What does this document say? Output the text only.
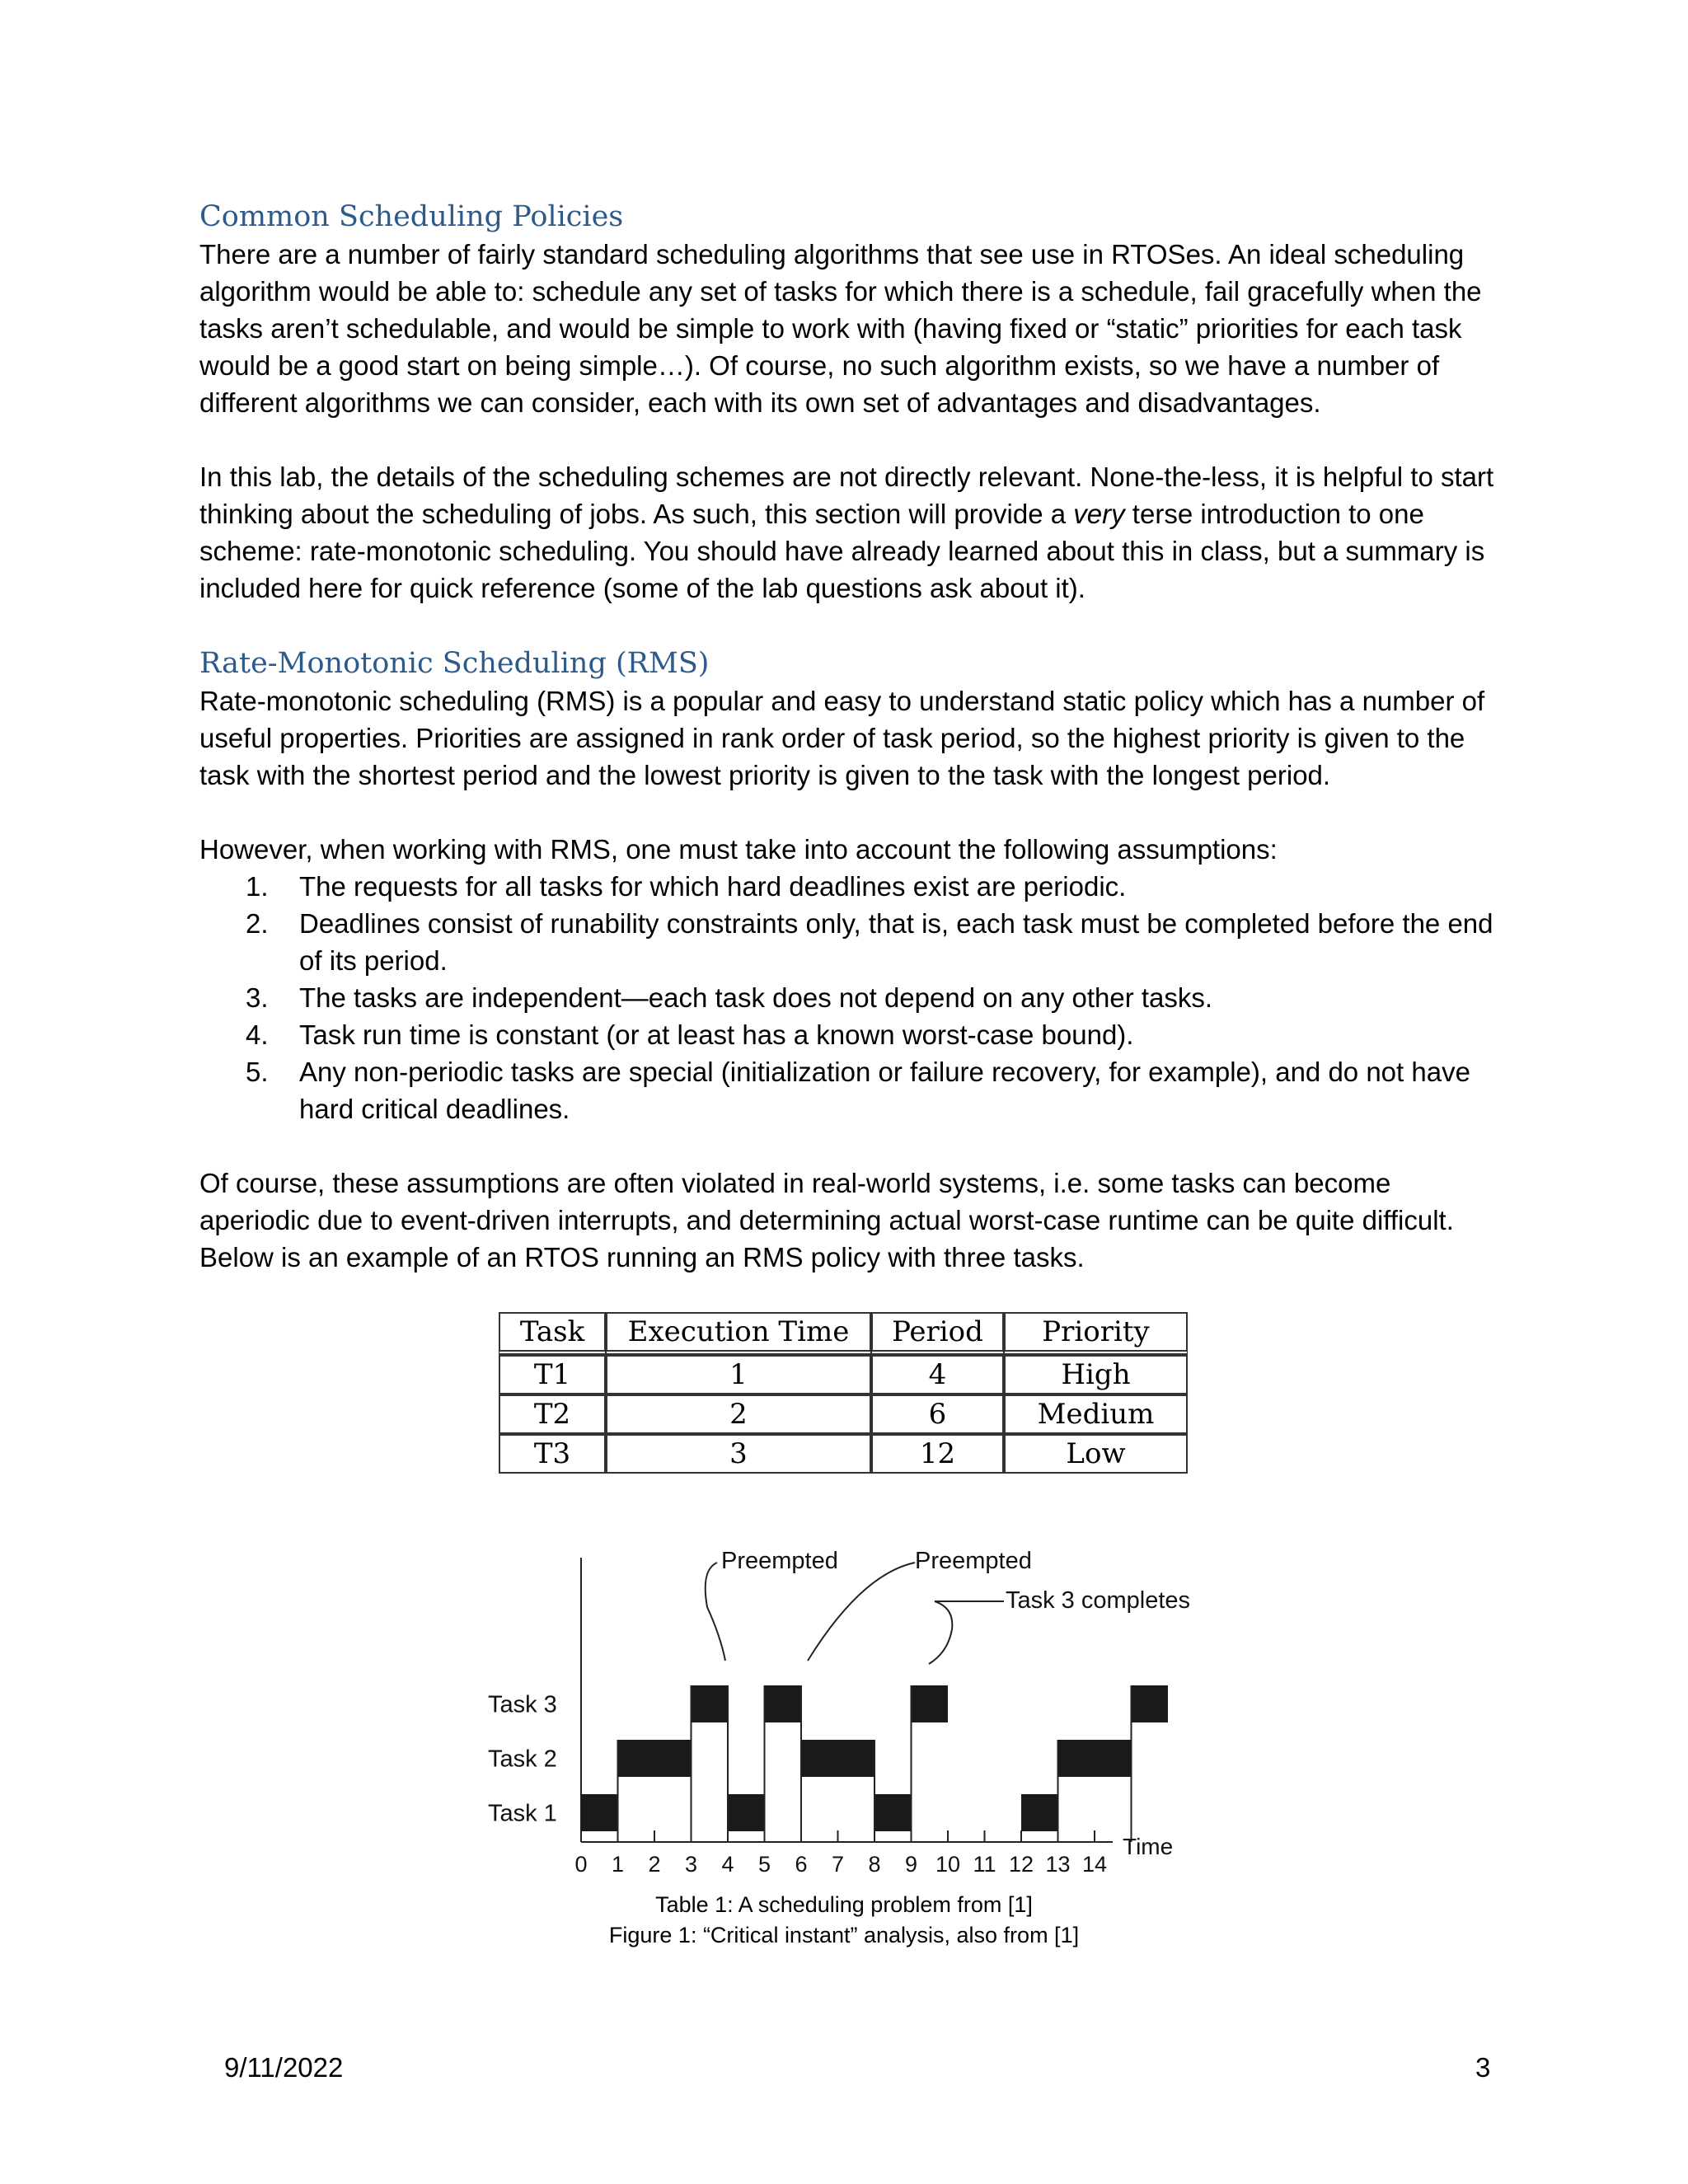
Common Scheduling Policies

There are a number of fairly standard scheduling algorithms that see use in RTOSes. An ideal scheduling algorithm would be able to: schedule any set of tasks for which there is a schedule, fail gracefully when the tasks aren’t schedulable, and would be simple to work with (having fixed or “static” priorities for each task would be a good start on being simple…). Of course, no such algorithm exists, so we have a number of different algorithms we can consider, each with its own set of advantages and disadvantages.

In this lab, the details of the scheduling schemes are not directly relevant. None-the-less, it is helpful to start thinking about the scheduling of jobs. As such, this section will provide a very terse introduction to one scheme: rate-monotonic scheduling. You should have already learned about this in class, but a summary is included here for quick reference (some of the lab questions ask about it).

Rate-Monotonic Scheduling (RMS)

Rate-monotonic scheduling (RMS) is a popular and easy to understand static policy which has a number of useful properties. Priorities are assigned in rank order of task period, so the highest priority is given to the task with the shortest period and the lowest priority is given to the task with the longest period.

However, when working with RMS, one must take into account the following assumptions:

1. The requests for all tasks for which hard deadlines exist are periodic.
2. Deadlines consist of runability constraints only, that is, each task must be completed before the end of its period.
3. The tasks are independent—each task does not depend on any other tasks.
4. Task run time is constant (or at least has a known worst-case bound).
5. Any non-periodic tasks are special (initialization or failure recovery, for example), and do not have hard critical deadlines.

Of course, these assumptions are often violated in real-world systems, i.e. some tasks can become aperiodic due to event-driven interrupts, and determining actual worst-case runtime can be quite difficult. Below is an example of an RTOS running an RMS policy with three tasks.

Task	Execution Time	Period	Priority
T1	1	4	High
T2	2	6	Medium
T3	3	12	Low
Preempted	Preempted
Task 3 completes
Task 1
Task 2
Task 3
0 1 2 3 4 5 6 7 8 9 10 11 12 13 14
Time
Table 1: A scheduling problem from [1]
Figure 1: “Critical instant” analysis, also from [1]
9/11/2022	3
